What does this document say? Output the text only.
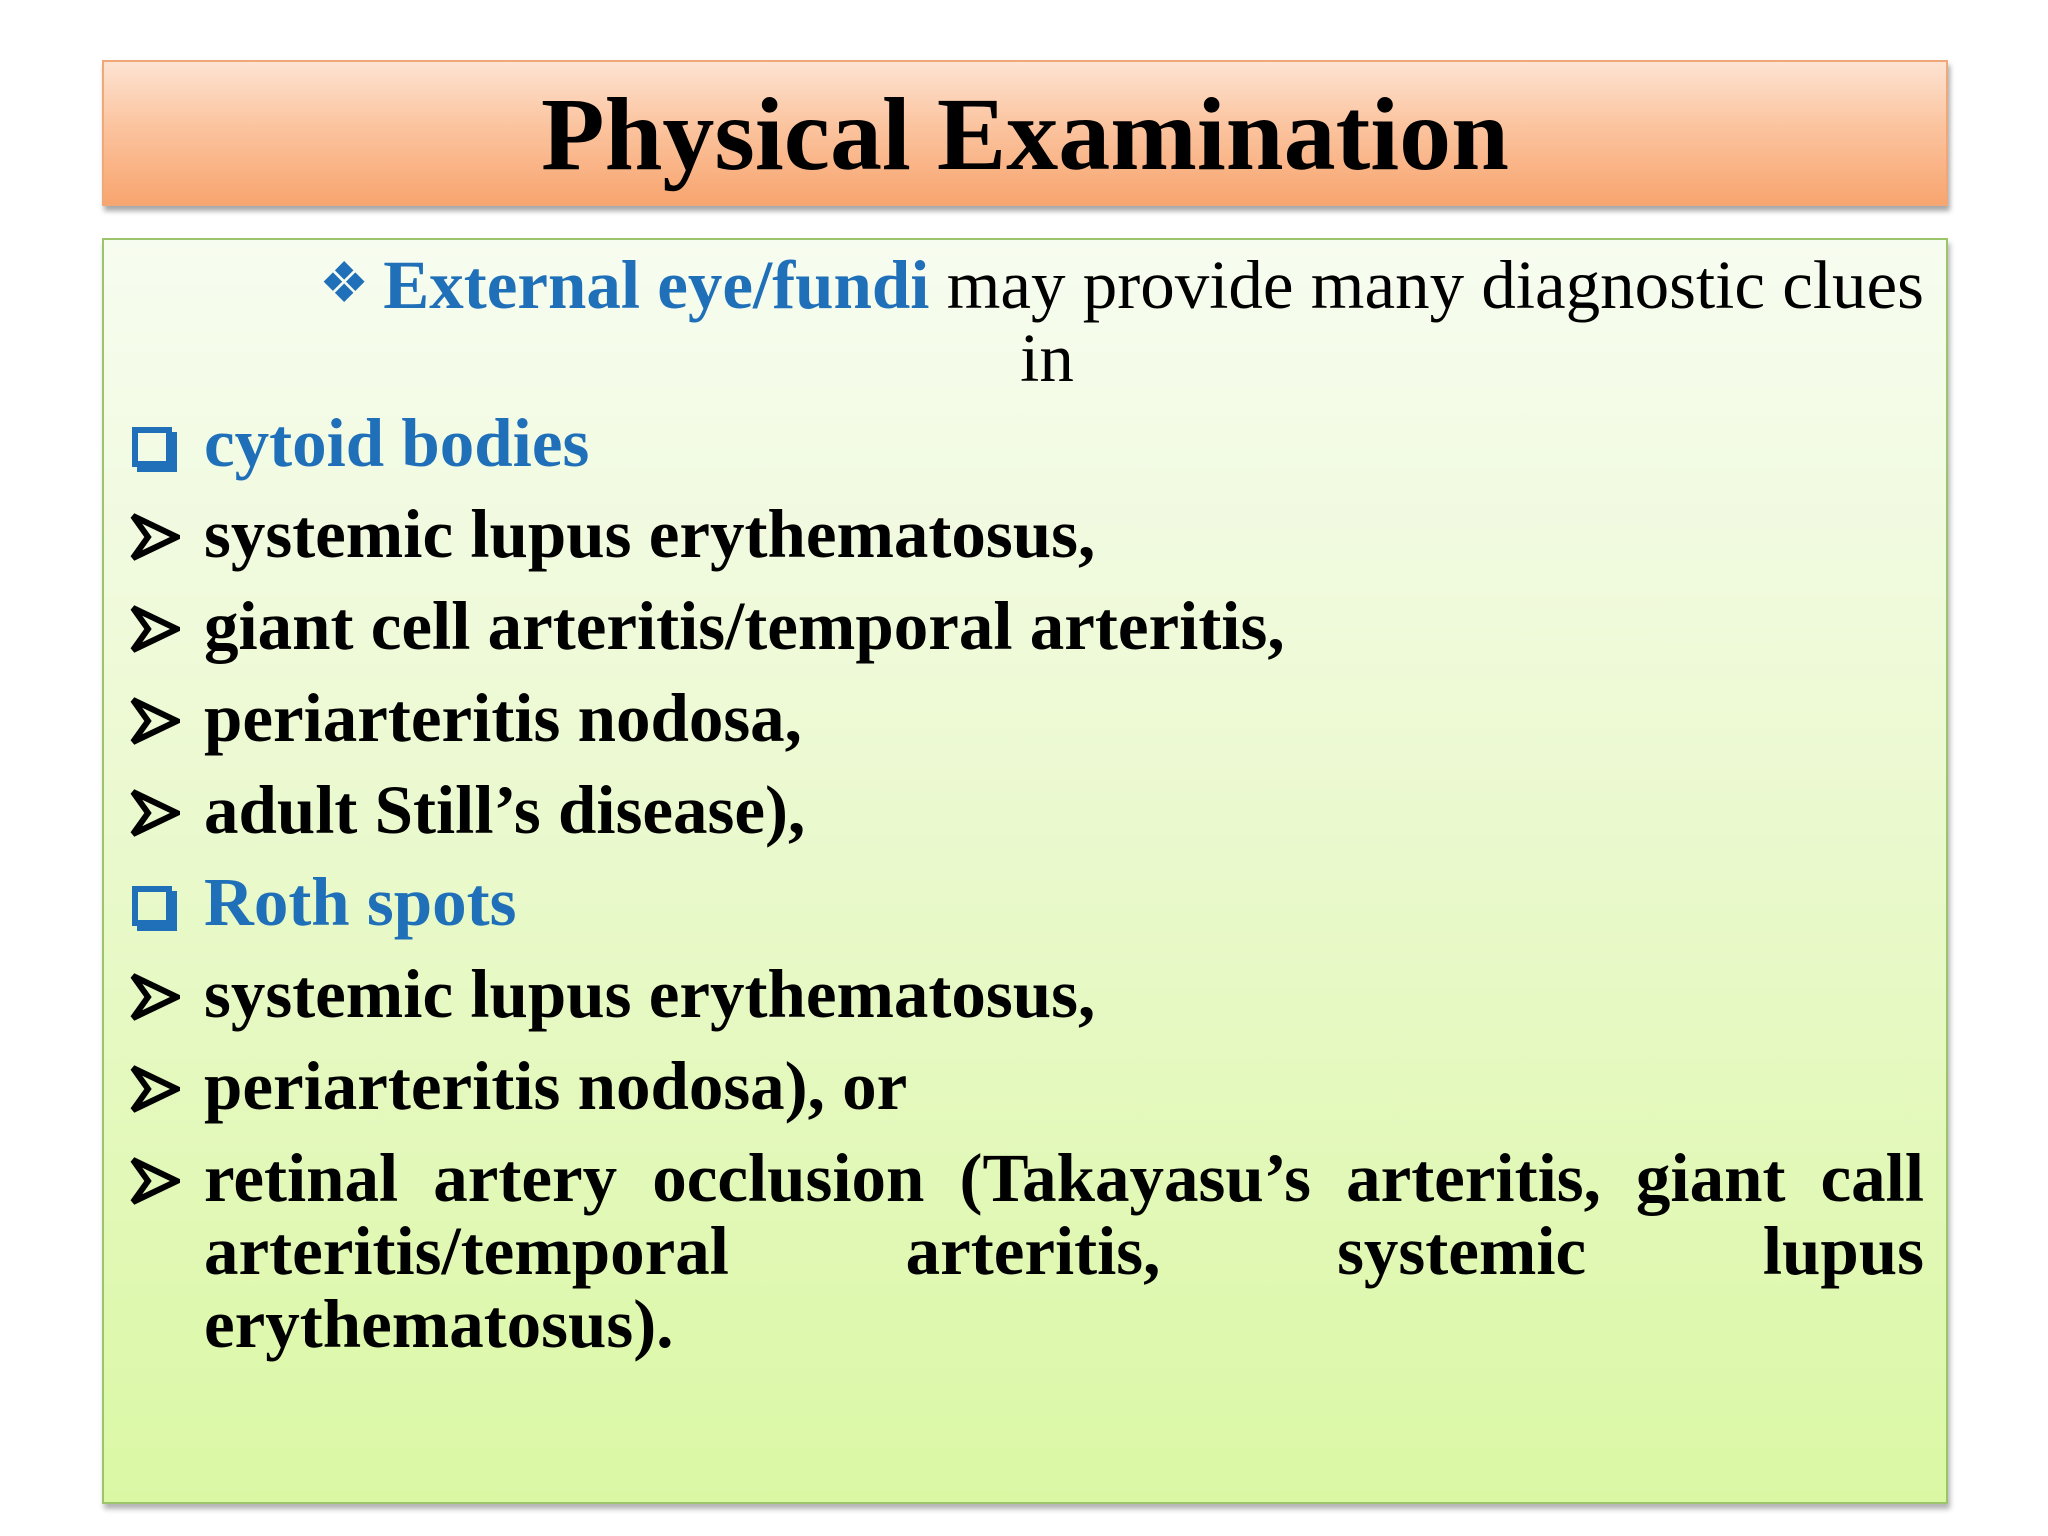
Physical Examination
❖ External eye/fundi may provide many diagnostic clues
in
cytoid bodies
systemic lupus erythematosus,
giant cell arteritis/temporal arteritis,
periarteritis nodosa,
adult Still’s disease),
Roth spots
systemic lupus erythematosus,
periarteritis nodosa), or
retinal artery occlusion (Takayasu’s arteritis, giant call arteritis/temporal arteritis, systemic lupus erythematosus).
